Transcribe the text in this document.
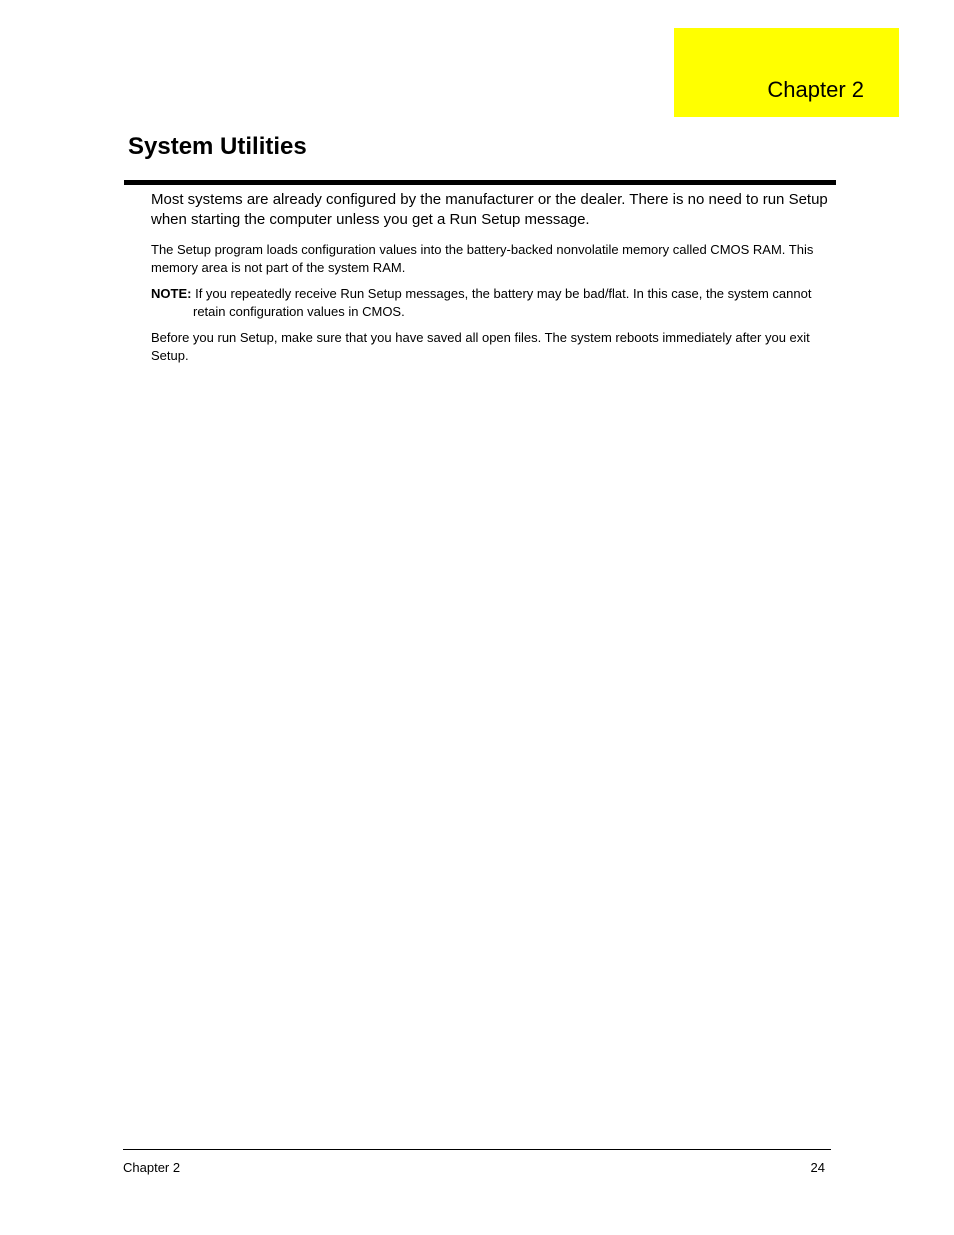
Chapter 2
System Utilities

Most systems are already configured by the manufacturer or the dealer. There is no need to run Setup when starting the computer unless you get a Run Setup message.

The Setup program loads configuration values into the battery-backed nonvolatile memory called CMOS RAM. This memory area is not part of the system RAM.

NOTE: If you repeatedly receive Run Setup messages, the battery may be bad/flat. In this case, the system cannot retain configuration values in CMOS.

Before you run Setup, make sure that you have saved all open files. The system reboots immediately after you exit Setup.

Chapter 2	24
